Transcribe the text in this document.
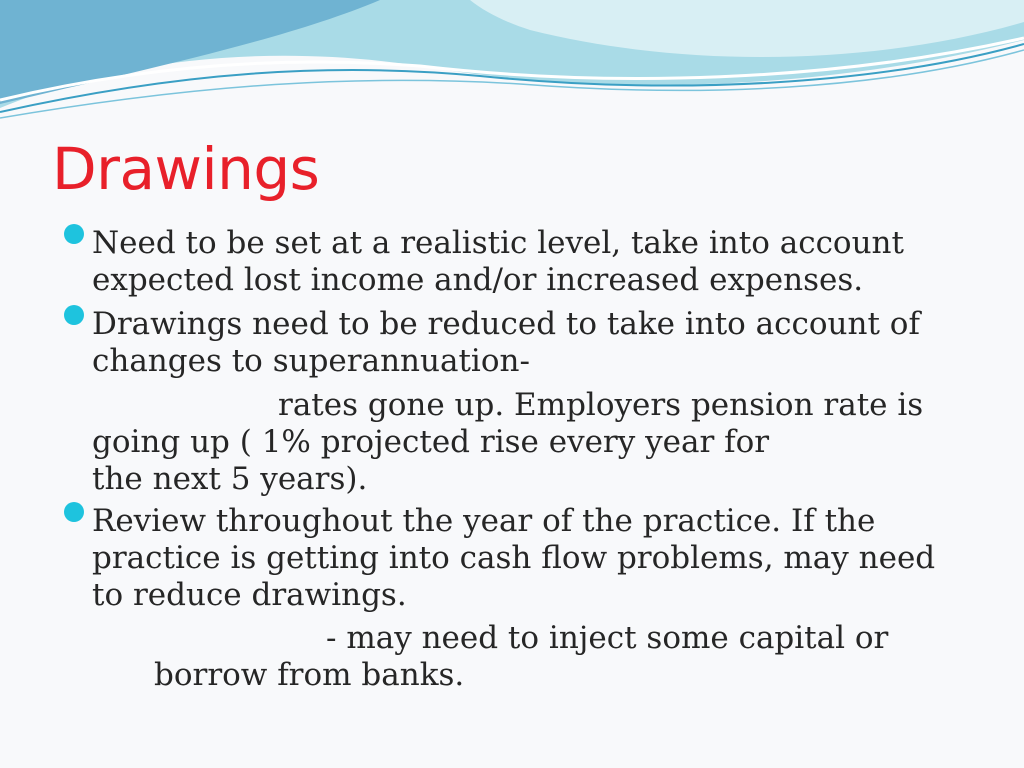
Drawings

Need to be set at a realistic level, take into account
expected lost income and/or increased expenses.

Drawings need to be reduced to take into account of
changes to superannuation-

rates gone up. Employers pension rate is
going up ( 1% projected rise every year for
the next 5 years).

Review throughout the year of the practice. If the
practice is getting into cash flow problems, may need
to reduce drawings.

- may need to inject some capital or
borrow from banks.
